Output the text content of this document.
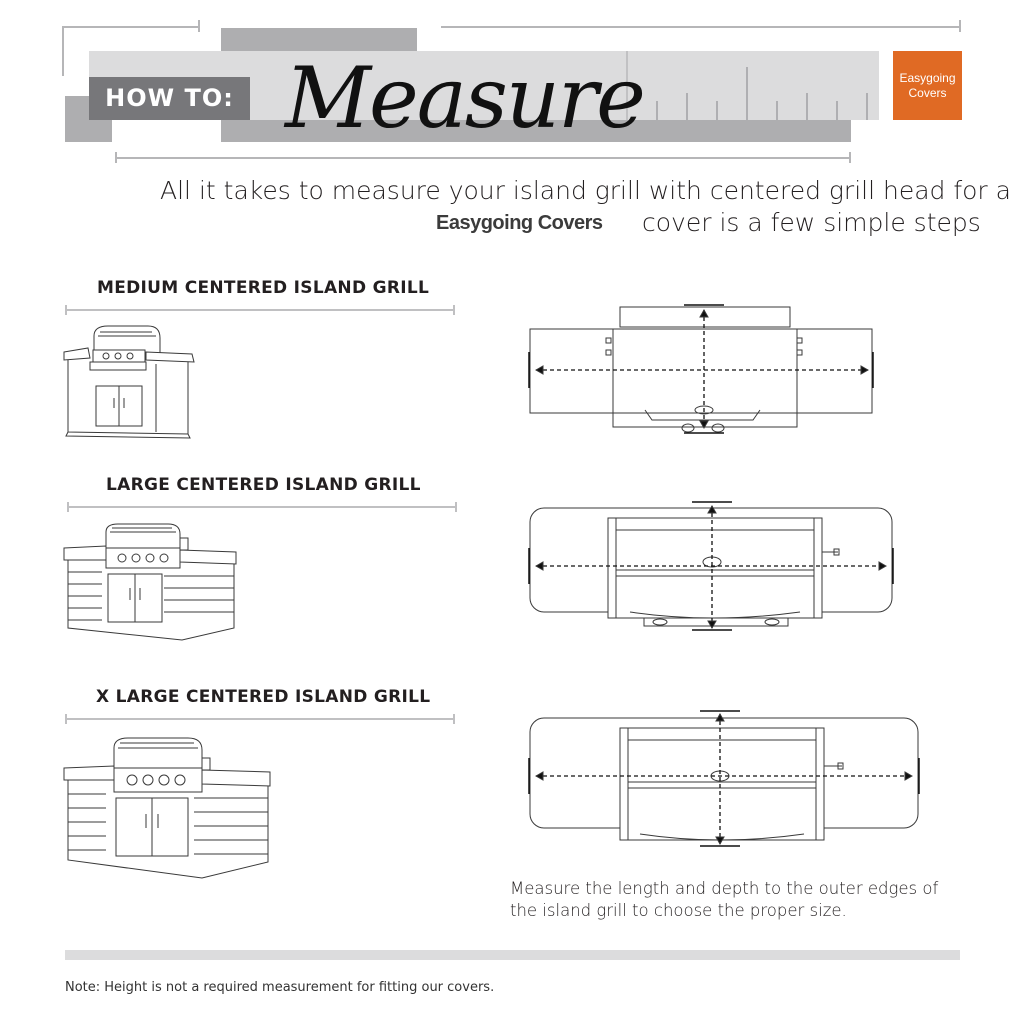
HOW TO: Measure	Easygoing
Covers
All it takes to measure your island grill with centered grill head for a
Easygoing Covers cover is a few simple steps
MEDIUM CENTERED ISLAND GRILL
LARGE CENTERED ISLAND GRILL
X LARGE CENTERED ISLAND GRILL
Measure the length and depth to the outer edges of the island grill to choose the proper size.
Note: Height is not a required measurement for fitting our covers.
